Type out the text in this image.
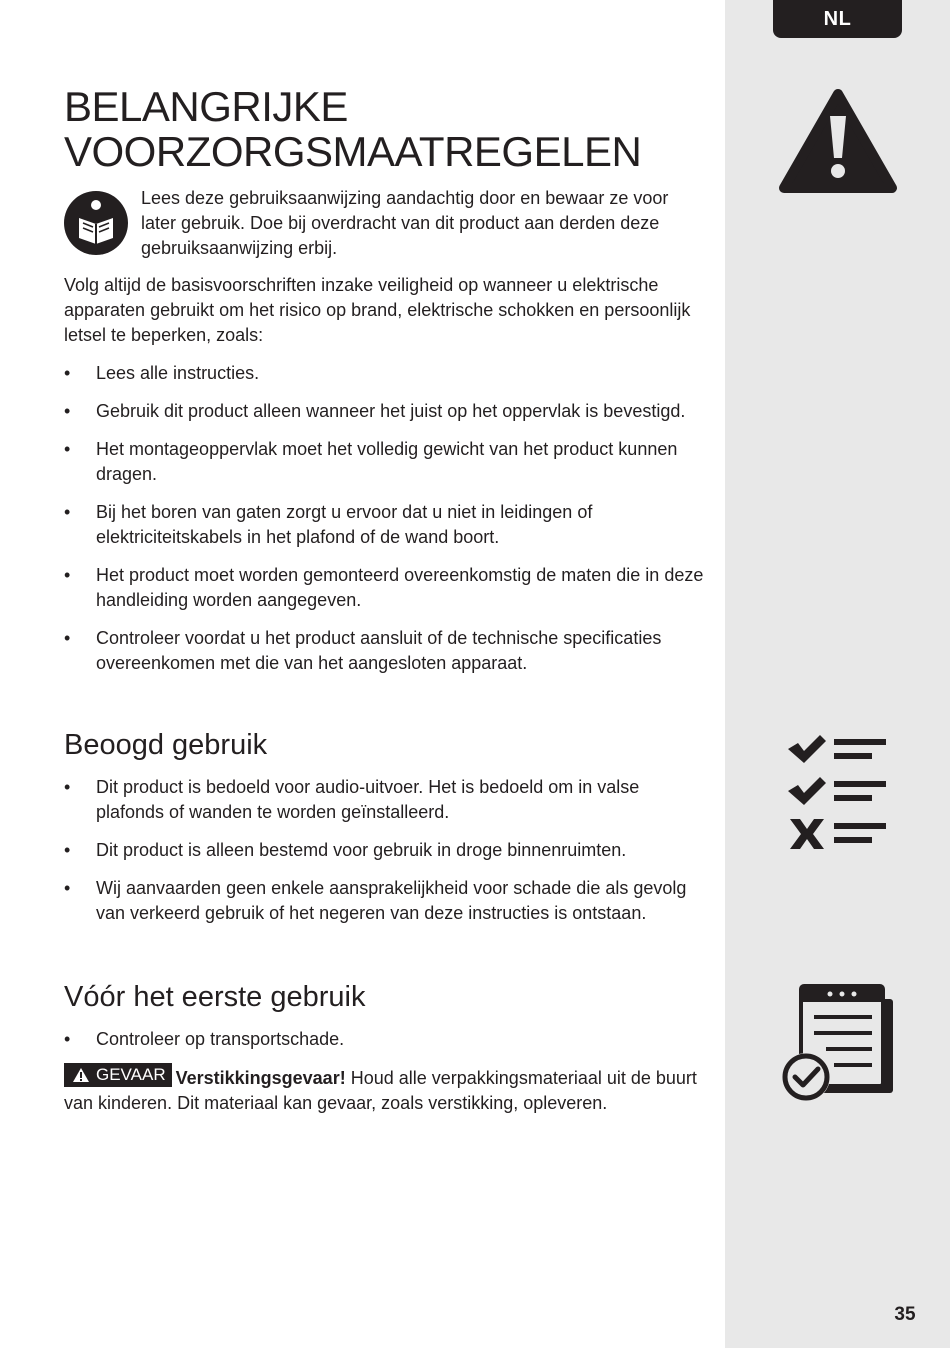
NL
35
BELANGRIJKE
VOORZORGSMAATREGELEN

Lees deze gebruiksaanwijzing aandachtig door en bewaar ze voor later gebruik. Doe bij overdracht van dit product aan derden deze gebruiksaanwijzing erbij.

Volg altijd de basisvoorschriften inzake veiligheid op wanneer u elektrische apparaten gebruikt om het risico op brand, elektrische schokken en persoonlijk letsel te beperken, zoals:

• Lees alle instructies.
• Gebruik dit product alleen wanneer het juist op het oppervlak is bevestigd.
• Het montageoppervlak moet het volledig gewicht van het product kunnen dragen.
• Bij het boren van gaten zorgt u ervoor dat u niet in leidingen of elektriciteitskabels in het plafond of de wand boort.
• Het product moet worden gemonteerd overeenkomstig de maten die in deze handleiding worden aangegeven.
• Controleer voordat u het product aansluit of de technische specificaties overeenkomen met die van het aangesloten apparaat.
Beoogd gebruik
• Dit product is bedoeld voor audio-uitvoer. Het is bedoeld om in valse plafonds of wanden te worden geïnstalleerd.
• Dit product is alleen bestemd voor gebruik in droge binnenruimten.
• Wij aanvaarden geen enkele aansprakelijkheid voor schade die als gevolg van verkeerd gebruik of het negeren van deze instructies is ontstaan.
Vóór het eerste gebruik
• Controleer op transportschade.

GEVAAR Verstikkingsgevaar! Houd alle verpakkingsmateriaal uit de buurt van kinderen. Dit materiaal kan gevaar, zoals verstikking, opleveren.
